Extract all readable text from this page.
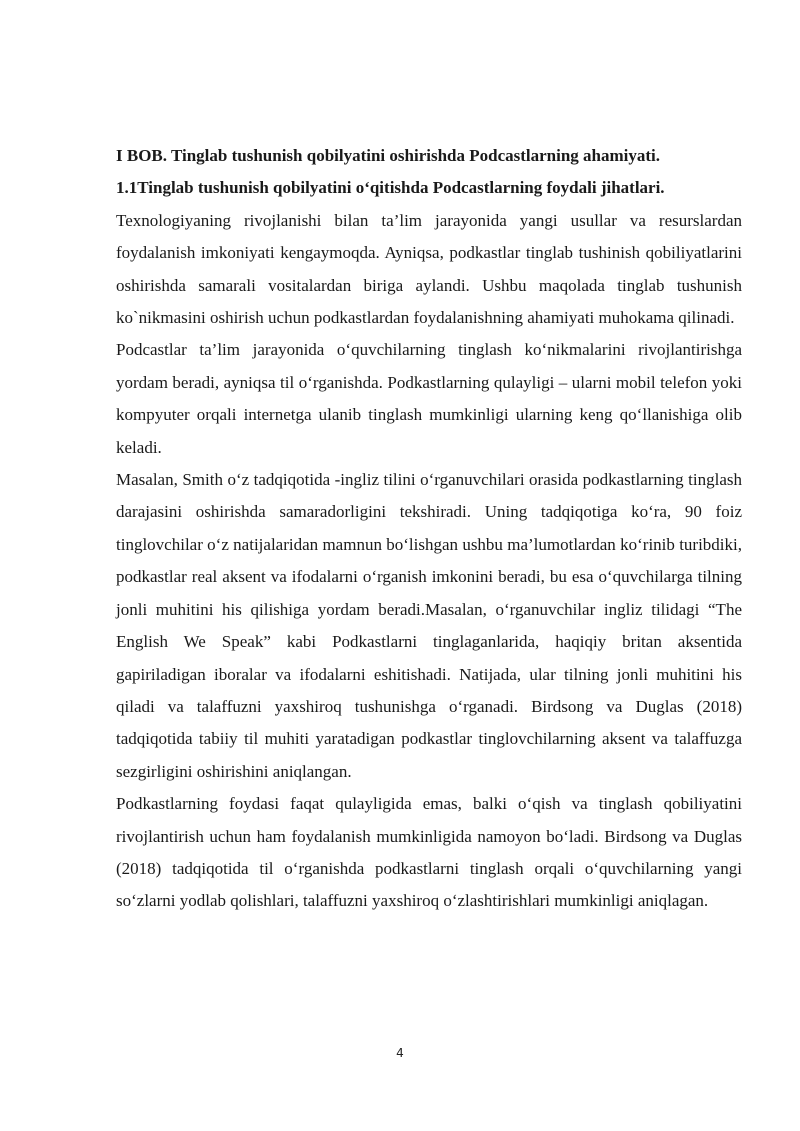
I BOB. Tinglab tushunish qobilyatini oshirishda Podcastlarning ahamiyati.
1.1Tinglab tushunish qobilyatini o‘qitishda Podcastlarning foydali jihatlari.

Texnologiyaning rivojlanishi bilan ta’lim jarayonida yangi usullar va resurslardan foydalanish imkoniyati kengaymoqda. Ayniqsa, podkastlar tinglab tushinish qobiliyatlarini oshirishda samarali vositalardan biriga aylandi. Ushbu maqolada tinglab tushunish ko`nikmasini oshirish uchun podkastlardan foydalanishning ahamiyati muhokama qilinadi.

Podcastlar ta’lim jarayonida o‘quvchilarning tinglash ko‘nikmalarini rivojlantirishga yordam beradi, ayniqsa til o‘rganishda. Podkastlarning qulayligi – ularni mobil telefon yoki kompyuter orqali internetga ulanib tinglash mumkinligi ularning keng qo‘llanishiga olib keladi.

Masalan, Smith o‘z tadqiqotida -ingliz tilini o‘rganuvchilari orasida podkastlarning tinglash darajasini oshirishda samaradorligini tekshiradi. Uning tadqiqotiga ko‘ra, 90 foiz tinglovchilar o‘z natijalaridan mamnun bo‘lishgan ushbu ma’lumotlardan ko‘rinib turibdiki, podkastlar real aksent va ifodalarni o‘rganish imkonini beradi, bu esa o‘quvchilarga tilning jonli muhitini his qilishiga yordam beradi.Masalan, o‘rganuvchilar ingliz tilidagi “The English We Speak” kabi Podkastlarni tinglaganlarida, haqiqiy britan aksentida gapiriladigan iboralar va ifodalarni eshitishadi. Natijada, ular tilning jonli muhitini his qiladi va talaffuzni yaxshiroq tushunishga o‘rganadi. Birdsong va Duglas (2018) tadqiqotida tabiiy til muhiti yaratadigan podkastlar tinglovchilarning aksent va talaffuzga sezgirligini oshirishini aniqlangan.

Podkastlarning foydasi faqat qulayligida emas, balki o‘qish va tinglash qobiliyatini rivojlantirish uchun ham foydalanish mumkinligida namoyon bo‘ladi. Birdsong va Duglas (2018) tadqiqotida til o‘rganishda podkastlarni tinglash orqali o‘quvchilarning yangi so‘zlarni yodlab qolishlari, talaffuzni yaxshiroq o‘zlashtirishlari mumkinligi aniqlagan.

4
